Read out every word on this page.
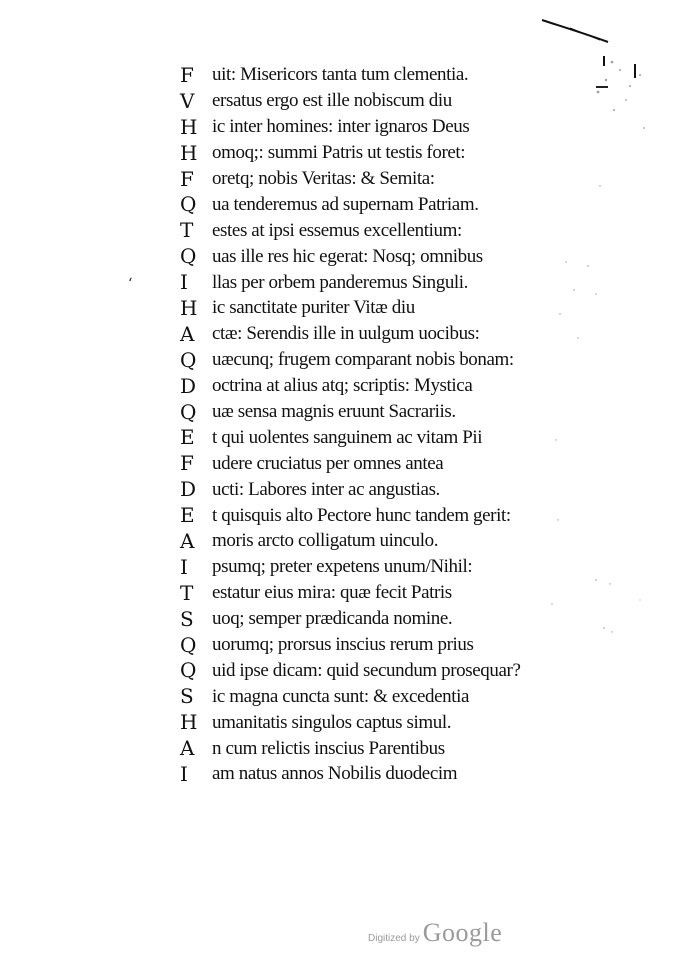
F uit: Misericors tanta tum clementia.
V ersatus ergo est ille nobiscum diu
H ic inter homines: inter ignaros Deus
H omoq;: summi Patris ut testis foret:
F oretq; nobis Veritas: & Semita:
Q ua tenderemus ad supernam Patriam.
T estes at ipsi essemus excellentium:
Q uas ille res hic egerat: Nosq; omnibus
I	llas per orbem panderemus Singuli.
H ic sanctitate puriter Vitæ diu
A ctæ: Serendis ille in uulgum uocibus:
Q uæcunq; frugem comparant nobis bonam:
D octrina at alius atq; scriptis: Mystica
Q uæ sensa magnis eruunt Sacrariis.
E t qui uolentes sanguinem ac vitam Pii
F udere cruciatus per omnes antea
D ucti: Labores inter ac angustias.
E t quisquis alto Pectore hunc tandem gerit:
A moris arcto colligatum uinculo.
I	psumq; preter expetens unum/Nihil:
T estatur eius mira: quæ fecit Patris
S uoq; semper prædicanda nomine.
Q uorumq; prorsus inscius rerum prius
Q uid ipse dicam: quid secundum prosequar?
S ic magna cuncta sunt: & excedentia
H umanitatis singulos captus simul.
A n cum relictis inscius Parentibus
I	am natus annos Nobilis duodecim
‘
Digitized by Google
